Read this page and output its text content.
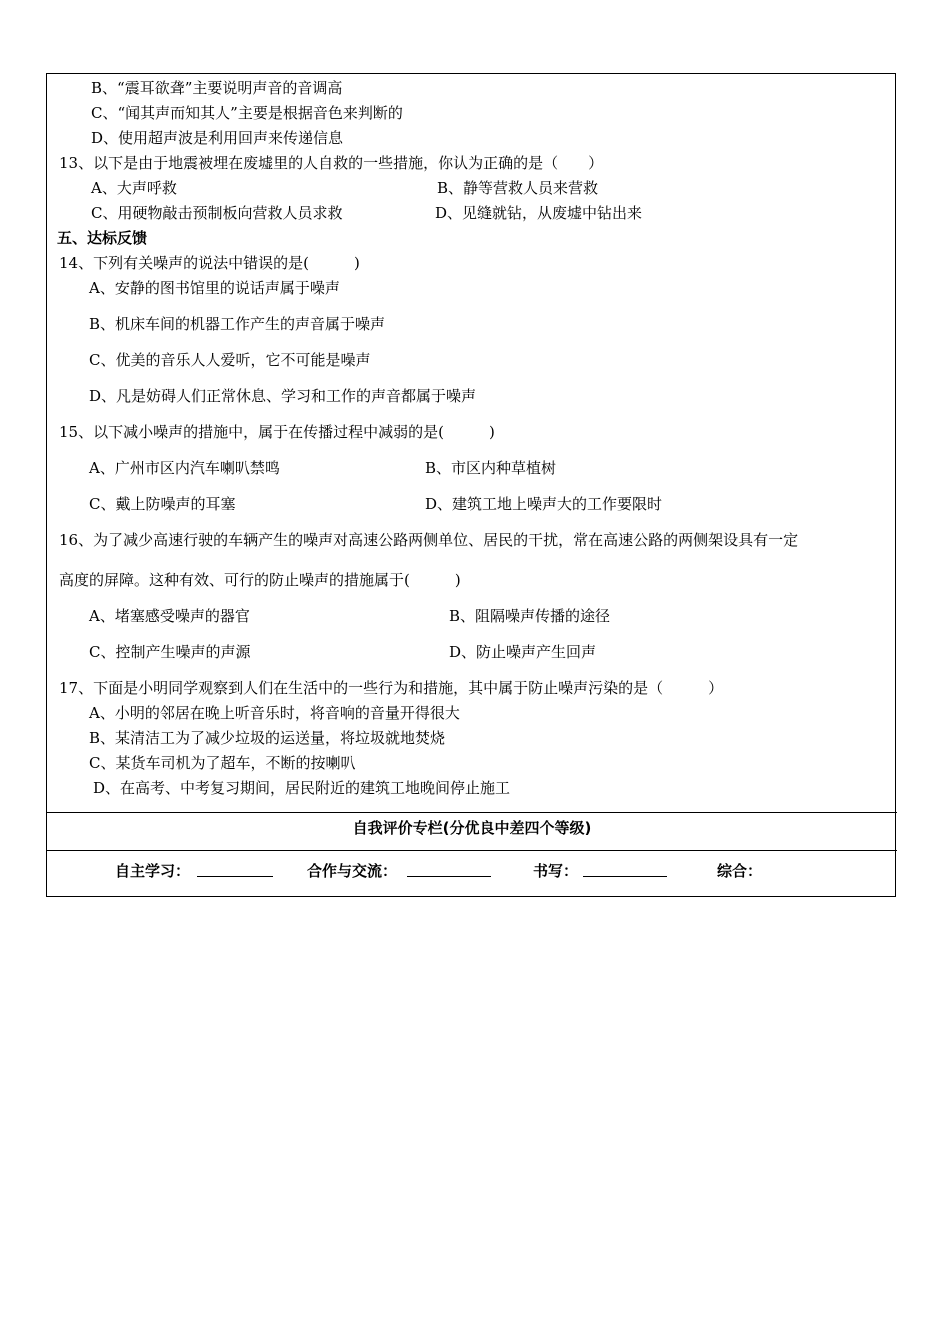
B、“震耳欲聋”主要说明声音的音调高
C、“闻其声而知其人”主要是根据音色来判断的
D、使用超声波是利用回声来传递信息
13、以下是由于地震被埋在废墟里的人自救的一些措施，你认为正确的是（　　）
A、大声呼救	B、静等营救人员来营救
C、用硬物敲击预制板向营救人员求救	D、见缝就钻，从废墟中钻出来
五、达标反馈
14、下列有关噪声的说法中错误的是(　　　)
A、安静的图书馆里的说话声属于噪声
B、机床车间的机器工作产生的声音属于噪声
C、优美的音乐人人爱听，它不可能是噪声
D、凡是妨碍人们正常休息、学习和工作的声音都属于噪声
15、以下减小噪声的措施中，属于在传播过程中减弱的是(　　　)
A、广州市区内汽车喇叭禁鸣	B、市区内种草植树
C、戴上防噪声的耳塞	D、建筑工地上噪声大的工作要限时
16、为了减少高速行驶的车辆产生的噪声对高速公路两侧单位、居民的干扰，常在高速公路的两侧架设具有一定
高度的屏障。这种有效、可行的防止噪声的措施属于(　　　)
A、堵塞感受噪声的器官	B、阻隔噪声传播的途径
C、控制产生噪声的声源	D、防止噪声产生回声
17、下面是小明同学观察到人们在生活中的一些行为和措施，其中属于防止噪声污染的是（　　　）
A、小明的邻居在晚上听音乐时，将音响的音量开得很大
B、某清洁工为了减少垃圾的运送量，将垃圾就地焚烧
C、某货车司机为了超车，不断的按喇叭
D、在高考、中考复习期间，居民附近的建筑工地晚间停止施工
自我评价专栏(分优良中差四个等级)
自主学习：	合作与交流：	书写：	综合：
